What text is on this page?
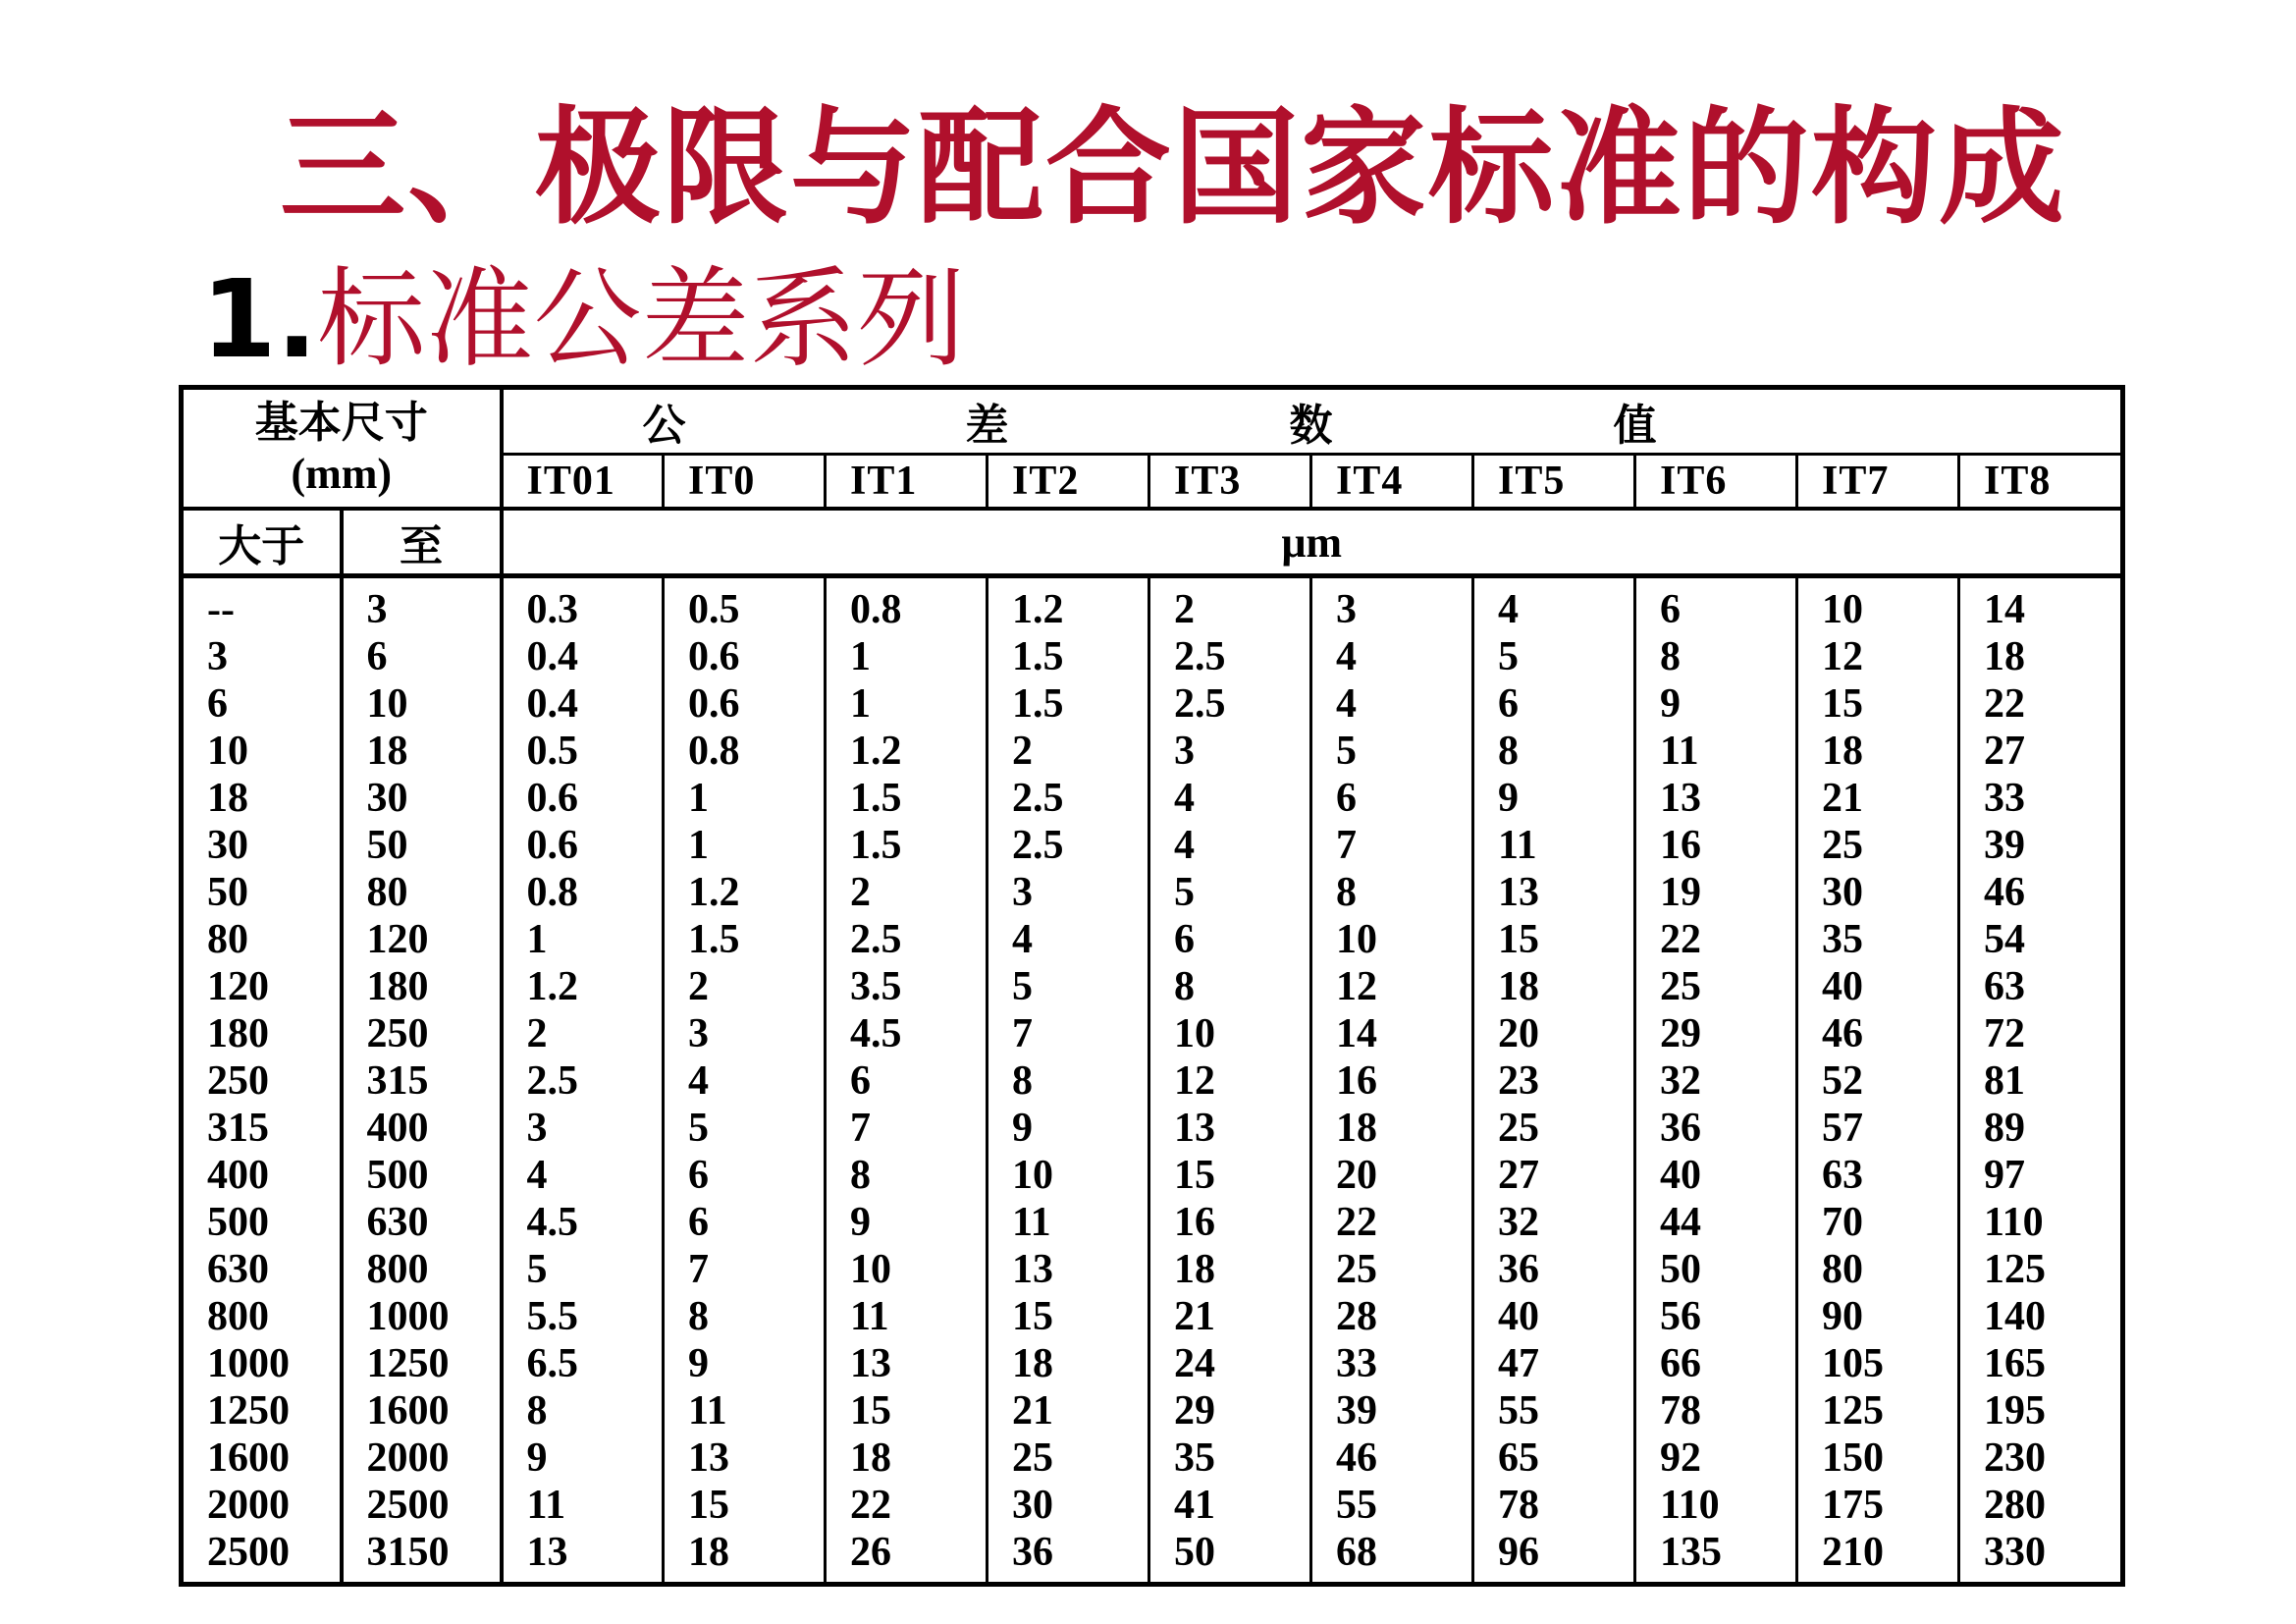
三、极限与配合国家标准的构成
1.标准公差系列
基本尺寸
(mm)		公		差		数		值			
		IT01	IT0	IT1	IT2	IT3	IT4	IT5	IT6	IT7	IT8
大于	至	μm									
--	3	0.3	0.5	0.8	1.2	2	3	4	6	10	14
3	6	0.4	0.6	1	1.5	2.5	4	5	8	12	18
6	10	0.4	0.6	1	1.5	2.5	4	6	9	15	22
10	18	0.5	0.8	1.2	2	3	5	8	11	18	27
18	30	0.6	1	1.5	2.5	4	6	9	13	21	33
30	50	0.6	1	1.5	2.5	4	7	11	16	25	39
50	80	0.8	1.2	2	3	5	8	13	19	30	46
80	120	1	1.5	2.5	4	6	10	15	22	35	54
120	180	1.2	2	3.5	5	8	12	18	25	40	63
180	250	2	3	4.5	7	10	14	20	29	46	72
250	315	2.5	4	6	8	12	16	23	32	52	81
315	400	3	5	7	9	13	18	25	36	57	89
400	500	4	6	8	10	15	20	27	40	63	97
500	630	4.5	6	9	11	16	22	32	44	70	110
630	800	5	7	10	13	18	25	36	50	80	125
800	1000	5.5	8	11	15	21	28	40	56	90	140
1000	1250	6.5	9	13	18	24	33	47	66	105	165
1250	1600	8	11	15	21	29	39	55	78	125	195
1600	2000	9	13	18	25	35	46	65	92	150	230
2000	2500	11	15	22	30	41	55	78	110	175	280
2500	3150	13	18	26	36	50	68	96	135	210	330
